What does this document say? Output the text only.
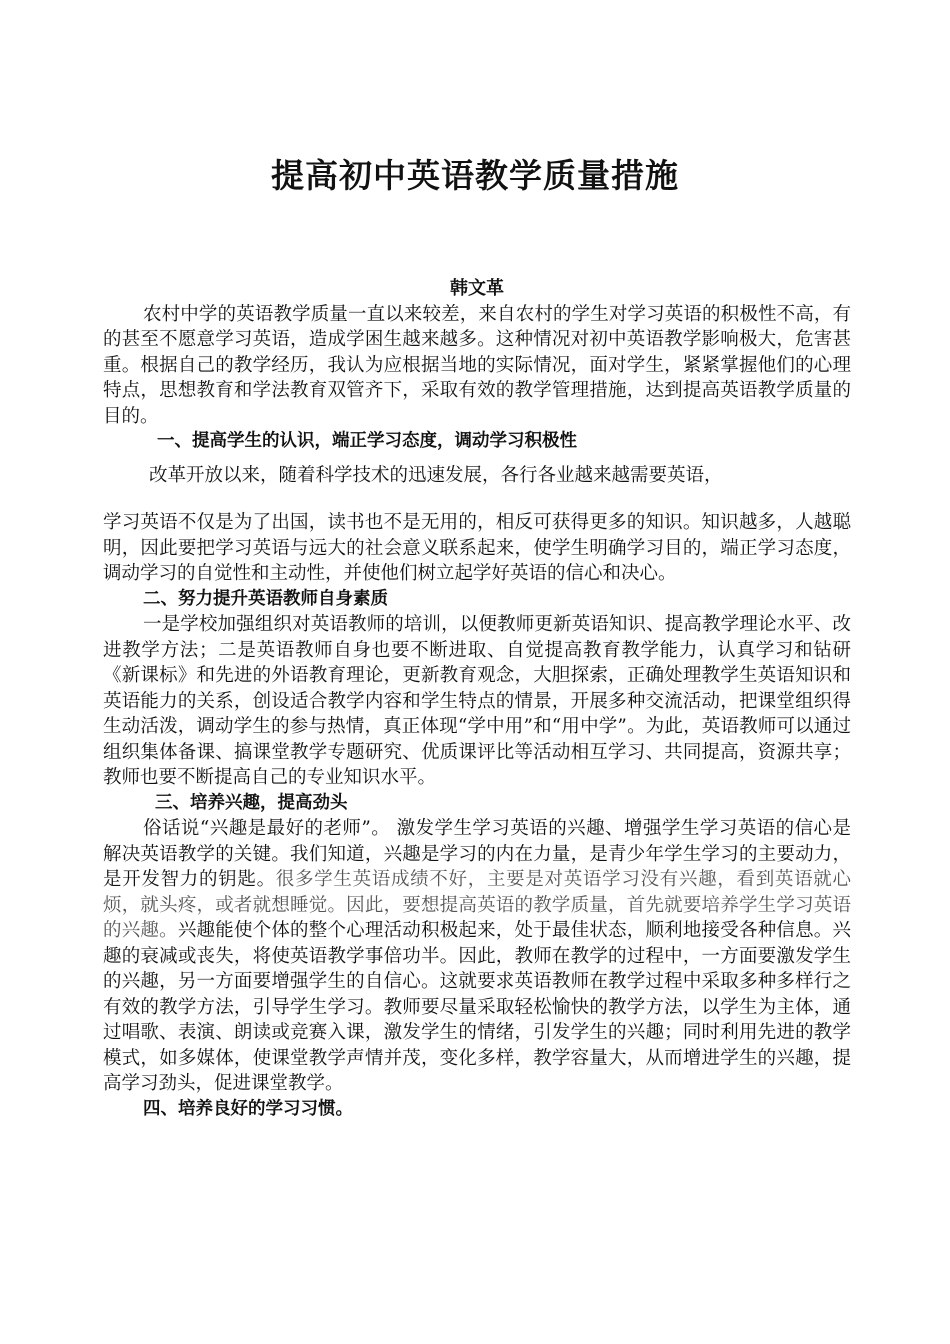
提高初中英语教学质量措施

韩文革

农村中学的英语教学质量一直以来较差，来自农村的学生对学习英语的积极性不高，有的甚至不愿意学习英语，造成学困生越来越多。这种情况对初中英语教学影响极大，危害甚重。根据自己的教学经历，我认为应根据当地的实际情况，面对学生，紧紧掌握他们的心理特点，思想教育和学法教育双管齐下，采取有效的教学管理措施，达到提高英语教学质量的目的。

一、提高学生的认识，端正学习态度，调动学习积极性

改革开放以来，随着科学技术的迅速发展，各行各业越来越需要英语，

学习英语不仅是为了出国，读书也不是无用的，相反可获得更多的知识。知识越多，人越聪明，因此要把学习英语与远大的社会意义联系起来，使学生明确学习目的，端正学习态度，调动学习的自觉性和主动性，并使他们树立起学好英语的信心和决心。

二、努力提升英语教师自身素质

一是学校加强组织对英语教师的培训，以便教师更新英语知识、提高教学理论水平、改进教学方法；二是英语教师自身也要不断进取、自觉提高教育教学能力，认真学习和钻研《新课标》和先进的外语教育理论，更新教育观念，大胆探索，正确处理教学生英语知识和英语能力的关系，创设适合教学内容和学生特点的情景，开展多种交流活动，把课堂组织得生动活泼，调动学生的参与热情，真正体现“学中用”和“用中学”。为此，英语教师可以通过组织集体备课、搞课堂教学专题研究、优质课评比等活动相互学习、共同提高，资源共享；教师也要不断提高自己的专业知识水平。

三、培养兴趣，提高劲头

俗话说“兴趣是最好的老师”。 激发学生学习英语的兴趣、增强学生学习英语的信心是解决英语教学的关键。我们知道，兴趣是学习的内在力量，是青少年学生学习的主要动力，是开发智力的钥匙。很多学生英语成绩不好，主要是对英语学习没有兴趣，看到英语就心烦，就头疼，或者就想睡觉。因此，要想提高英语的教学质量，首先就要培养学生学习英语的兴趣。兴趣能使个体的整个心理活动积极起来，处于最佳状态，顺利地接受各种信息。兴趣的衰减或丧失，将使英语教学事倍功半。因此，教师在教学的过程中，一方面要激发学生的兴趣，另一方面要增强学生的自信心。这就要求英语教师在教学过程中采取多种多样行之有效的教学方法，引导学生学习。教师要尽量采取轻松愉快的教学方法，以学生为主体，通过唱歌、表演、朗读或竞赛入课，激发学生的情绪，引发学生的兴趣；同时利用先进的教学模式，如多媒体，使课堂教学声情并茂，变化多样，教学容量大，从而增进学生的兴趣，提高学习劲头，促进课堂教学。

四、培养良好的学习习惯。
